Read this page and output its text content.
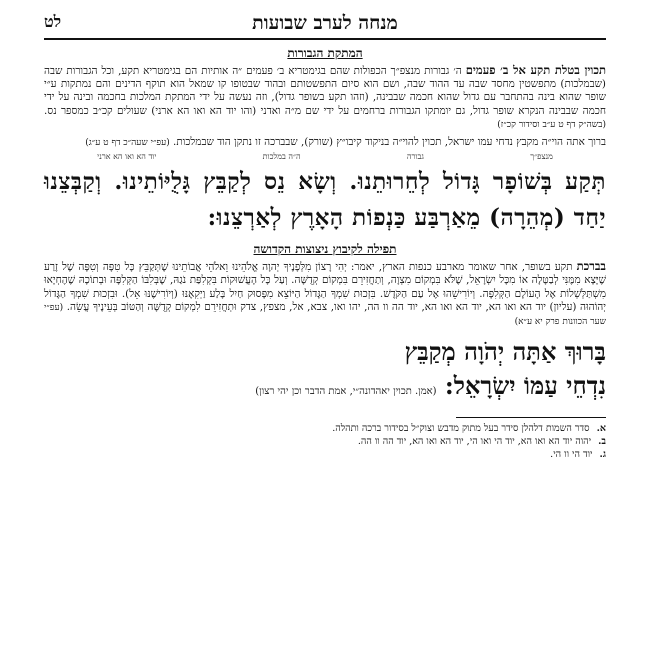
לט	מנחה לערב שבועות
המתקת הגבורות

תכוין בטלת תקע אל ב׳ פעמים ה׳ גבורות מנצפ״ך הכפולות שהם בגימטריא ב׳ פעמים ״ה אותיות הם בגימטריא תקע, וכל הגבורות שבה (שבמלכות) מתפשטין מחסד שבה עד ההוד שבה, ושם הוא סיום התפשטותם ובהוד שבטופו קו שמאל הוא תוקף הדינים והם נמתקות ע״י שופר שהוא בינה בהתחבר עם גדול שהוא חכמה שבבינה, (וזהו תקע בשופר גדול), וזה נעשה על ידי המתקת המלכות בחכמה ובינה על ידי חכמה שבבינה הנקרא שופר גדול, גם יומתקו הגבורות ברחמים על ידי שם מ״ה ואדני (והו יוד הא ואו הא ארני) שעולים קכ״ב כמספר נס. (בשה״ק דף ט ע״ב וסידור קכ״ז)

ברוך אתה הוי״ה מקבץ נדחי עמו ישראל, תכוין להוי״ה בניקוד קיבו״ץ (שורק), שבברכה זו נתקן הוד שבמלכות. (עפ״י שעה״כ דף ט ע״ג)

מנצפ״ך
גבורה
ה״ה במלכות
יוד הא ואו הא ארני

תְּקַע בְּשׁוֹפָר גָּדוֹל לְחֵרוּתֵנוּ. וְשָׂא נֵס לְקַבֵּץ גָּלֻיּוֹתֵינוּ. וְקַבְּצֵנוּ יַחַד (מְהֵרָה) מֵאַרְבַּע כַּנְפוֹת הָאָרֶץ לְאַרְצֵנוּ:

תפילה לקיבוץ ניצוצות הקדושה

בברכת תקע בשופר, אחר שאומר מארבע כנפות הארץ, יאמר: יְהִי רָצוֹן מִלְּפָנֶיךָ יְהוָה אֱלֹהֵינוּ וֵאלֹהֵי אֲבוֹתֵינוּ שֶׁתְּקַבֵּץ כָּל טִפָּה וְטִפָּה שֶׁל זֶרַע שֶׁיָּצָא מִמֶּנִּי לְבַטָּלָה אוֹ מִכָּל יִשְׂרָאֵל, שֶׁלֹּא בִּמְקוֹם מִצְוָה, וְתַחֲזִירֵם בִּמְקוֹם קְדֻשָּׁה. וְעַל כָּל הָעֲשׁוּקוֹת בִּקְלִפַּת נֹגַהּ, שֶׁבְּלִבּוֹ הַקְּלִפָּה וּבְתוֹכָהּ שֶׁהֶחְיָאוּ מִשְׁתַּלְּשְׁלוֹת אֶל הָעוֹלָם הַקְּלִפָּה. וְיוֹרִישֵׁהוּ אֶל עַם הַקֹּדֶשׁ. בִּזְכוּת שִׁמְךָ הַגָּדוֹל הַיּוֹצֵא מִפָּסוּק חַיִל בָּלַע וַיְקִאֶנּוּ (וְיוֹרִישֶׁנּוּ אֵל). וּבִזְכוּת שִׁמְךָ הַגָּדוֹל יְהוֹהוּה (עליון) יוד הא ואו הא, יוד הא ואו הא, יוד הה וו הה, יהו ואו, צבא, אל, מצפץ, צדק וּתְחֲזִירֵם לִמְקוֹם קְדֻשָּׁה וְהַטּוֹב בְּעֵינֶיךָ עֲשֵׂה. (עפ״י שער הכוונות פרק יא ע״א)

בָּרוּךְ אַתָּה יְהֹוָה מְקַבֵּץ
נִדְחֵי עַמּוֹ יִשְׂרָאֵל: (אמן. תכוין יאהדונה״י, אמת הדבר וכן יהי רצון)
א. סדר השמות דלהלן סידר בעל מתוק מדבש וצוק״ל בסידור ברכה ותהלה.
ב. יהוה יוד הא ואו הא, יוד הי ואו הי, יוד הא ואו הא, יוד הה וו הה.
ג. יוד הי וו הי.
